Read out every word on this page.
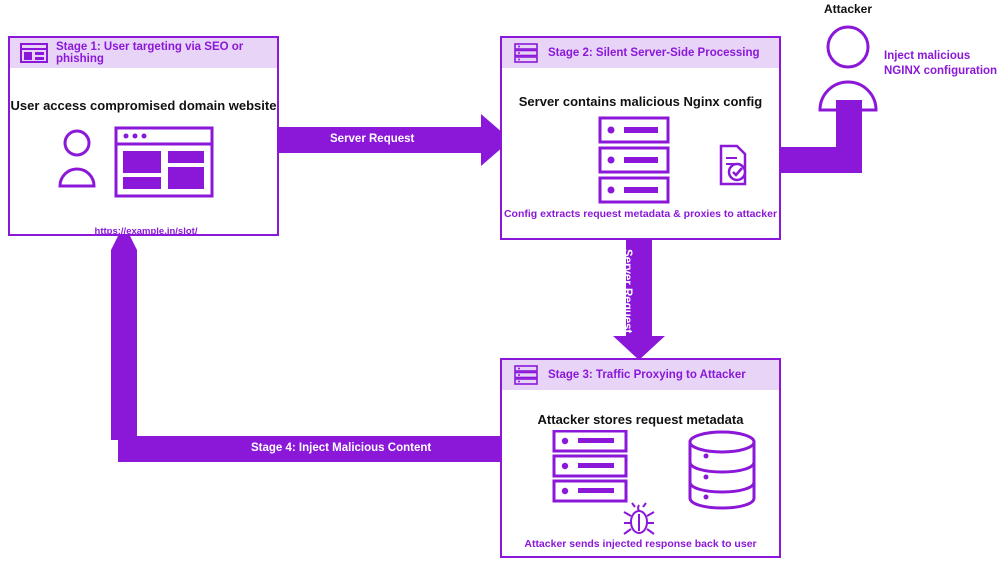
Server Request
Server Request
Stage 4: Inject Malicious Content
Attacker
Inject malicious
NGINX configuration
Stage 1: User targeting via SEO or phishing
User access compromised domain website
https://example.in/slot/
Stage 2: Silent Server-Side Processing
Server contains malicious Nginx config
Config extracts request metadata & proxies to attacker
Stage 3: Traffic Proxying to Attacker
Attacker stores request metadata
Attacker sends injected response back to user
